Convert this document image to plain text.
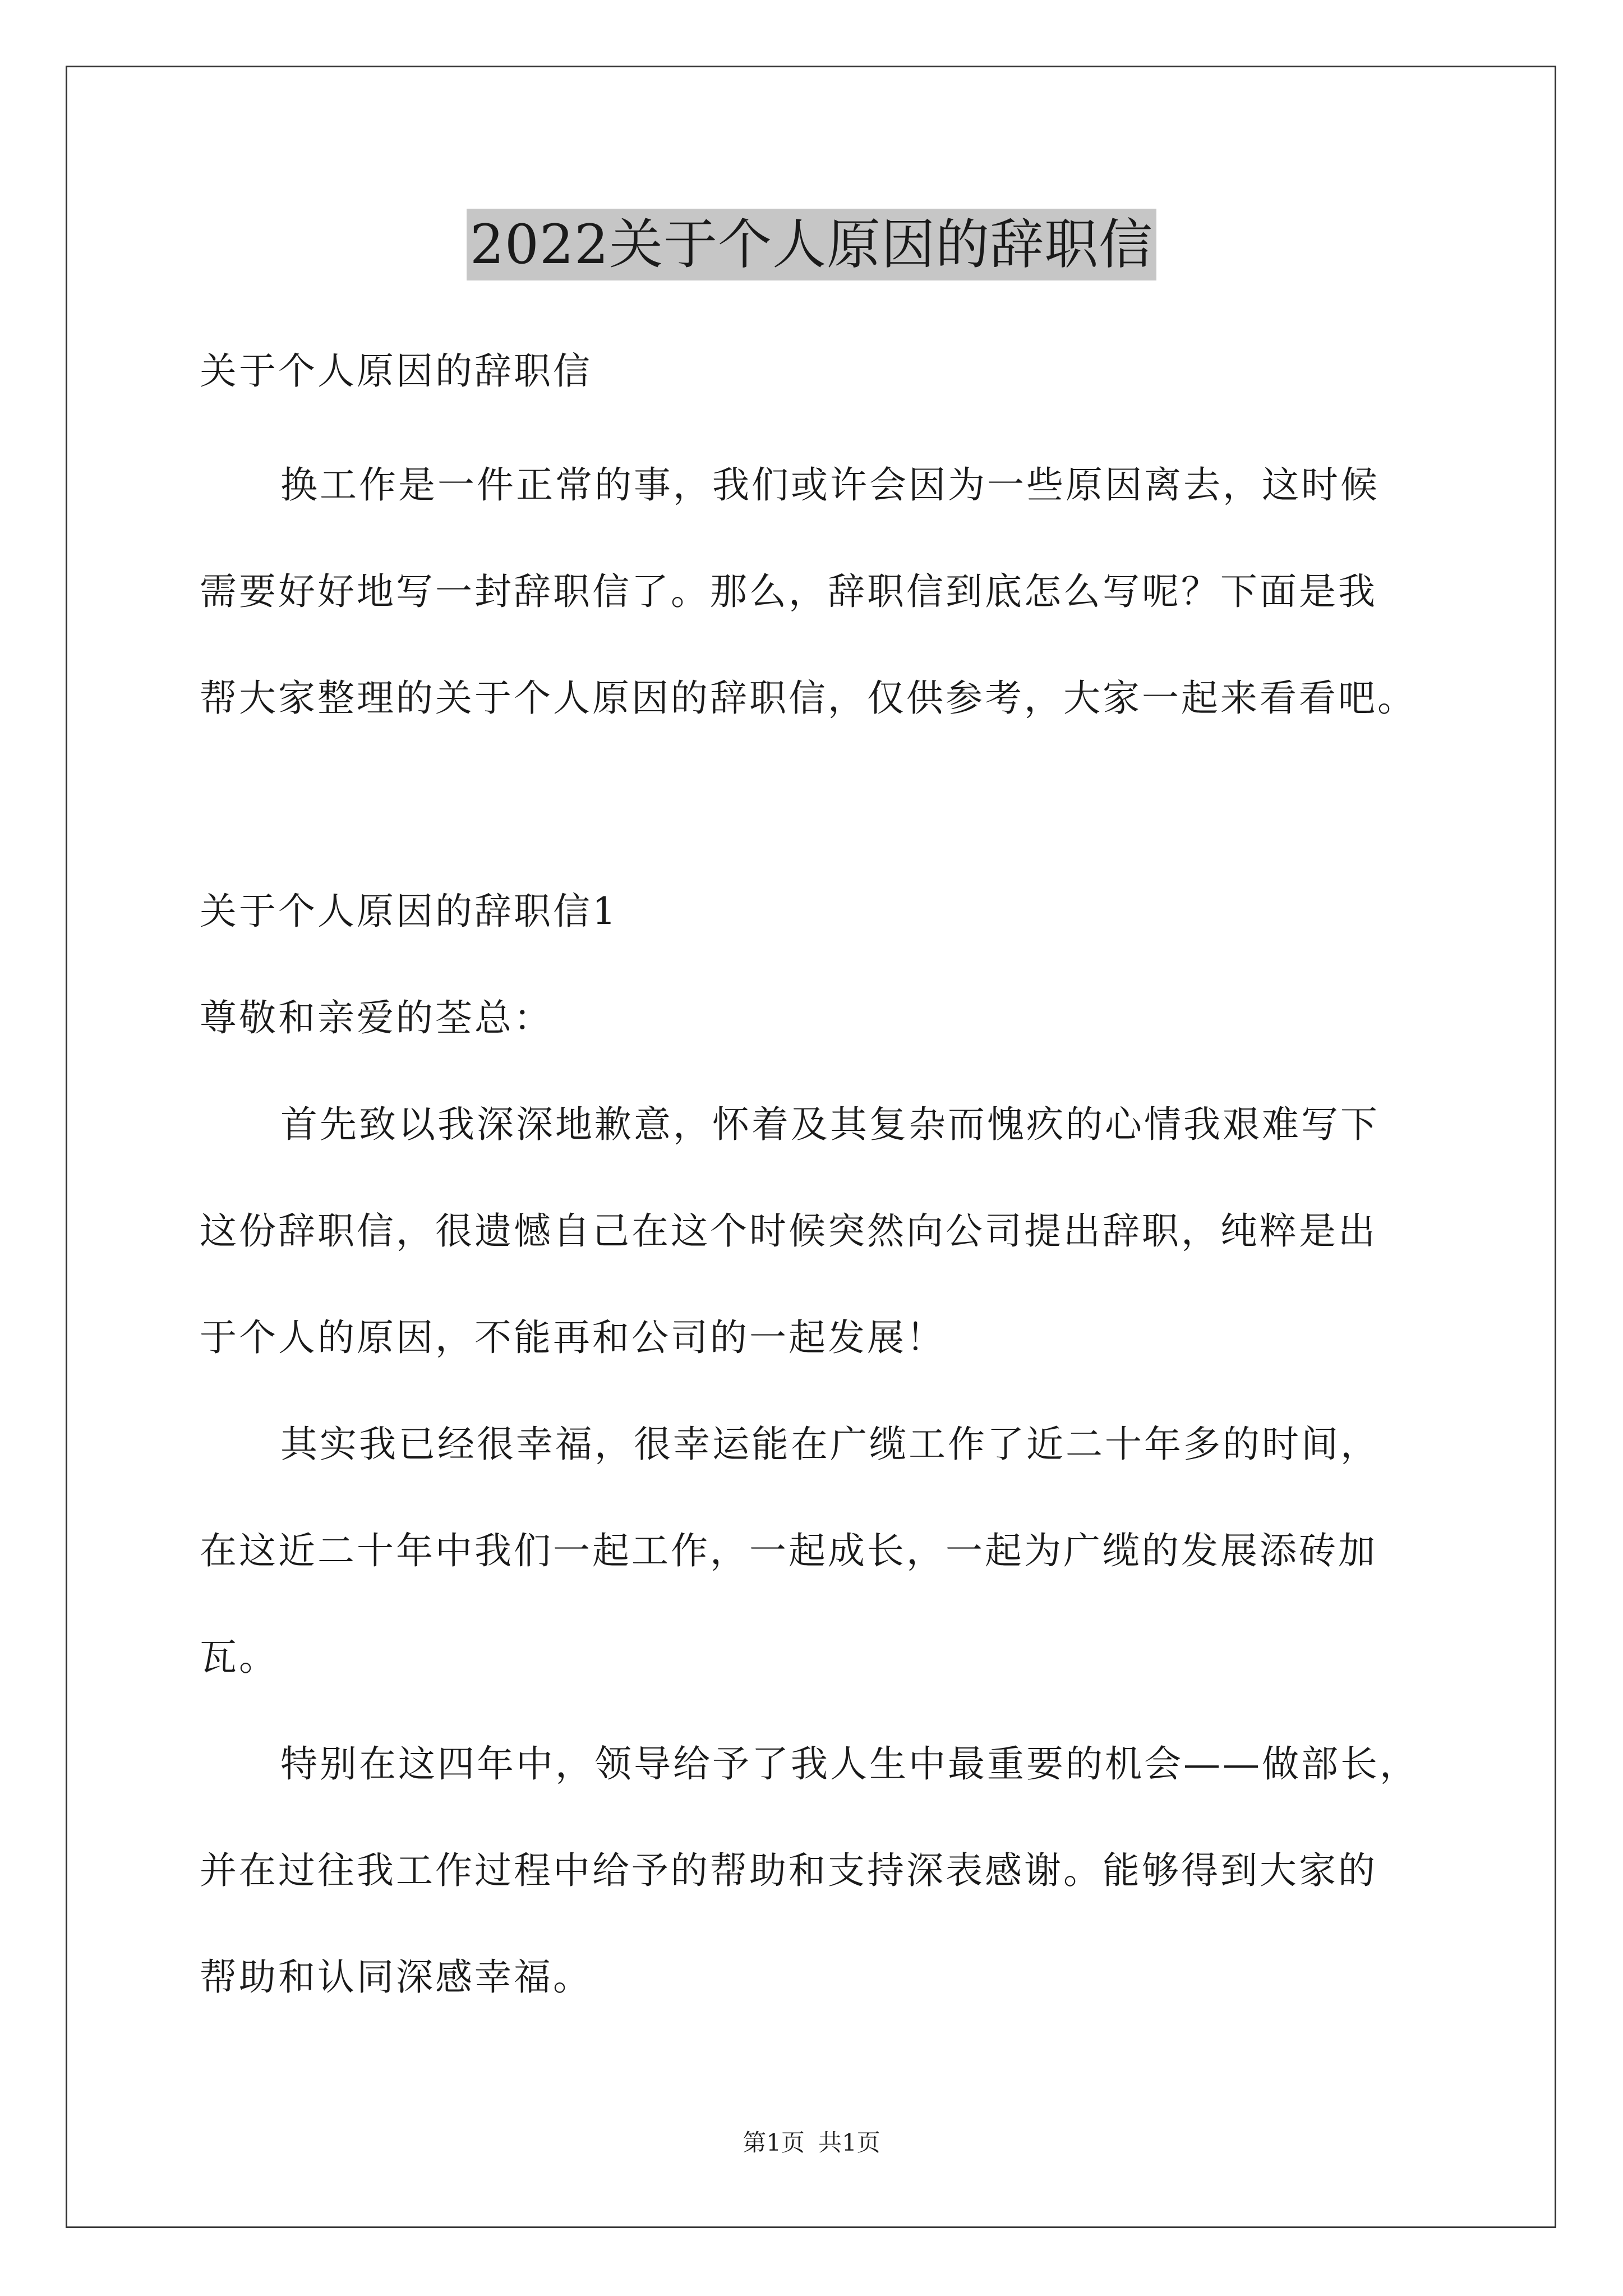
2022关于个人原因的辞职信
关于个人原因的辞职信
换工作是一件正常的事，我们或许会因为一些原因离去，这时候
需要好好地写一封辞职信了。那么，辞职信到底怎么写呢？下面是我
帮大家整理的关于个人原因的辞职信，仅供参考，大家一起来看看吧。
关于个人原因的辞职信1
尊敬和亲爱的荃总：
首先致以我深深地歉意，怀着及其复杂而愧疚的心情我艰难写下
这份辞职信，很遗憾自己在这个时候突然向公司提出辞职，纯粹是出
于个人的原因，不能再和公司的一起发展！
其实我已经很幸福，很幸运能在广缆工作了近二十年多的时间，
在这近二十年中我们一起工作，一起成长，一起为广缆的发展添砖加
瓦。
特别在这四年中，领导给予了我人生中最重要的机会——做部长，
并在过往我工作过程中给予的帮助和支持深表感谢。能够得到大家的
帮助和认同深感幸福。
第1页 共1页
